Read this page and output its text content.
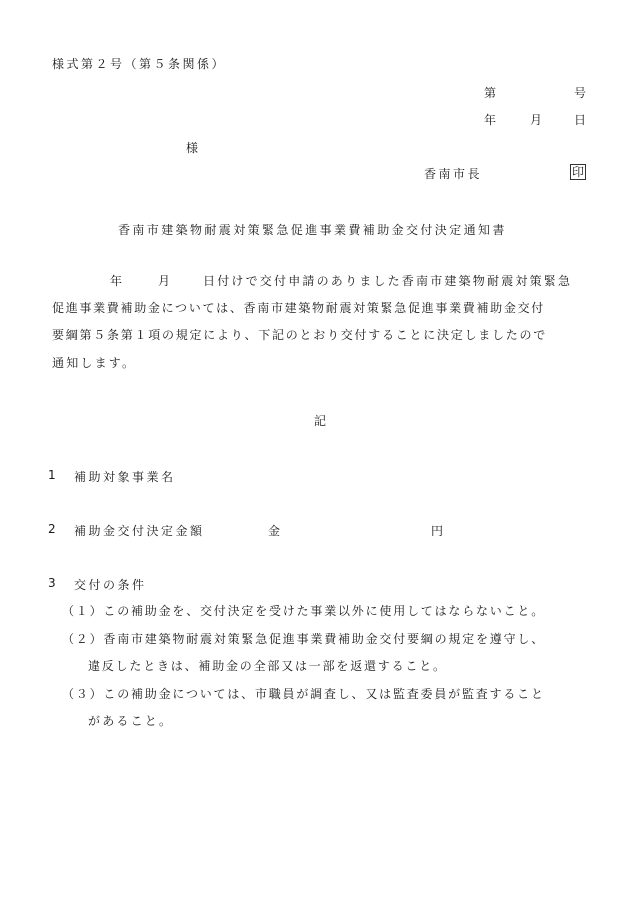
様式第２号（第５条関係）
第	号
年	月 日
様
香南市長	印
香南市建築物耐震対策緊急促進事業費補助金交付決定通知書
年	月	日付けで交付申請のありました香南市建築物耐震対策緊急
促進事業費補助金については、香南市建築物耐震対策緊急促進事業費補助金交付
要綱第５条第１項の規定により、下記のとおり交付することに決定しましたので
通知します。
記
1 補助対象事業名
2 補助金交付決定金額	金	円
3 交付の条件
（１）この補助金を、交付決定を受けた事業以外に使用してはならないこと。
（２）香南市建築物耐震対策緊急促進事業費補助金交付要綱の規定を遵守し、
違反したときは、補助金の全部又は一部を返還すること。
（３）この補助金については、市職員が調査し、又は監査委員が監査すること
があること。
